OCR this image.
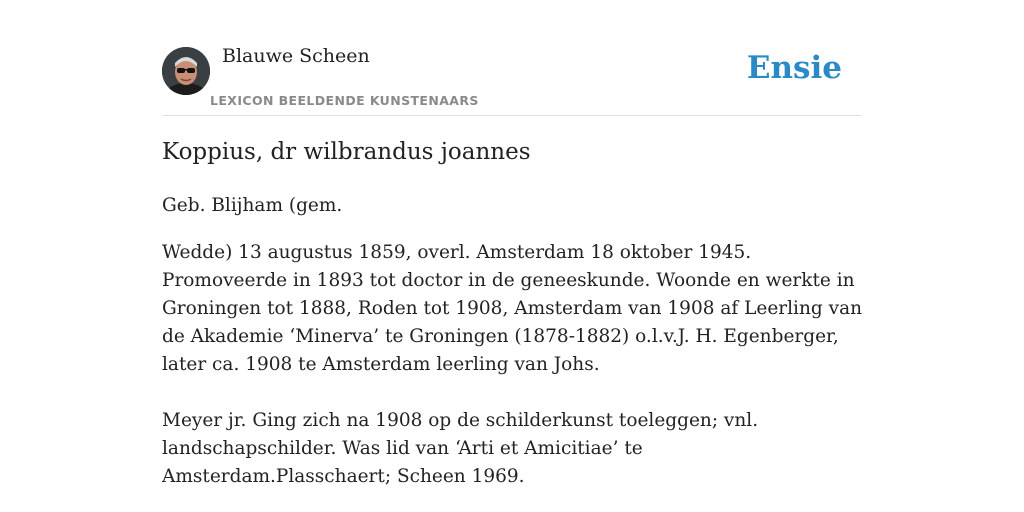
Blauwe Scheen
LEXICON BEELDENDE KUNSTENAARS
Ensie
Koppius, dr wilbrandus joannes

Geb. Blijham (gem.

Wedde) 13 augustus 1859, overl. Amsterdam 18 oktober 1945. Promoveerde in 1893 tot doctor in de geneeskunde. Woonde en werkte in Groningen tot 1888, Roden tot 1908, Amsterdam van 1908 af Leerling van de Akademie ‘Minerva’ te Groningen (1878-1882) o.l.v.J. H. Egenberger, later ca. 1908 te Amsterdam leerling van Johs.

Meyer jr. Ging zich na 1908 op de schilderkunst toeleggen; vnl. landschapschilder. Was lid van ‘Arti et Amicitiae’ te Amsterdam.Plasschaert; Scheen 1969.
